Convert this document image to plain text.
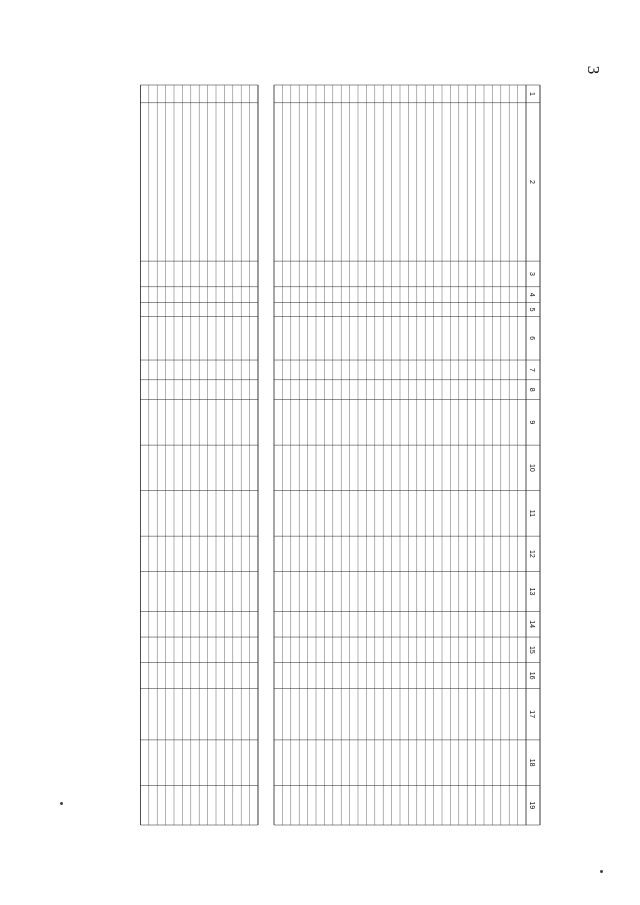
3
1
2
3
4
5
6
7
8
9
10
11
12
13
14
15
16
17
18
19
